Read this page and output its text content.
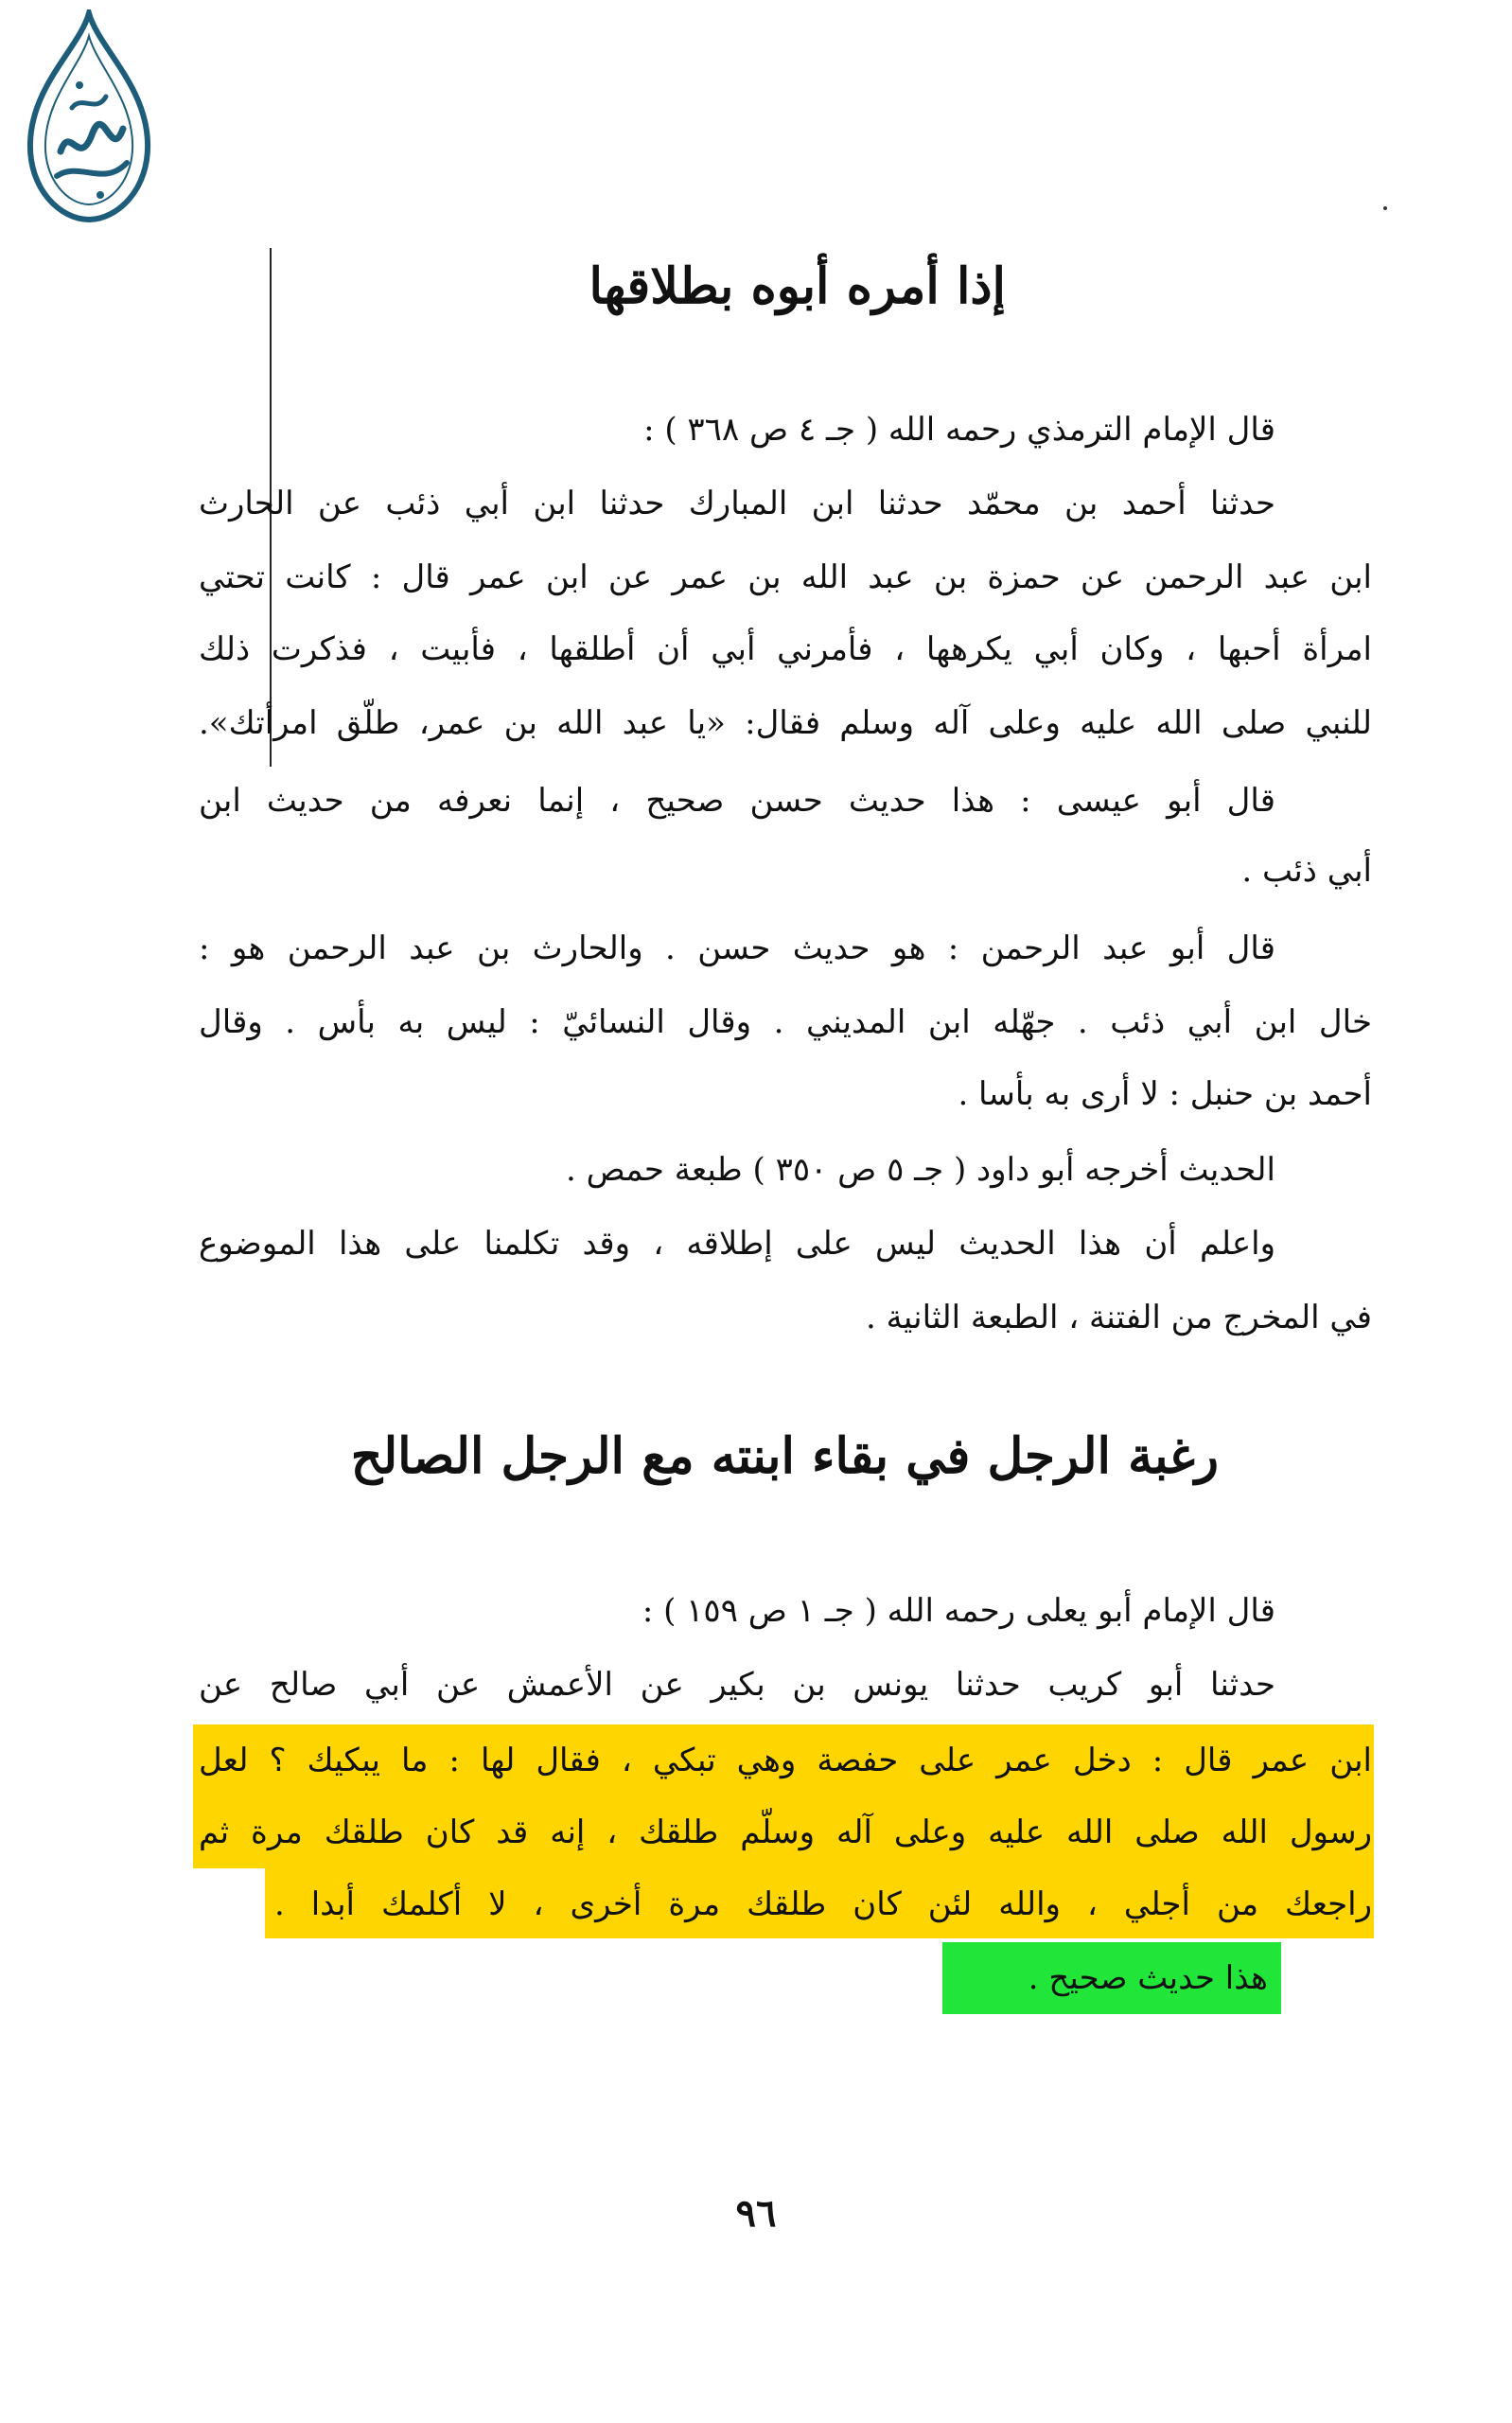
إذا أمره أبوه بطلاقها
قال الإمام الترمذي رحمه الله ( جـ ٤ ص ٣٦٨ ) :
حدثنا أحمد بن محمّد حدثنا ابن المبارك حدثنا ابن أبي ذئب عن الحارث
ابن عبد الرحمن عن حمزة بن عبد الله بن عمر عن ابن عمر قال : كانت تحتي
امرأة أحبها ، وكان أبي يكرهها ، فأمرني أبي أن أطلقها ، فأبيت ، فذكرت ذلك
للنبي صلى الله عليه وعلى آله وسلم فقال: «يا عبد الله بن عمر، طلّق امرأتك».
قال أبو عيسى : هذا حديث حسن صحيح ، إنما نعرفه من حديث ابن
أبي ذئب .
قال أبو عبد الرحمن : هو حديث حسن . والحارث بن عبد الرحمن هو :
خال ابن أبي ذئب . جهّله ابن المديني . وقال النسائيّ : ليس به بأس . وقال
أحمد بن حنبل : لا أرى به بأسا .
الحديث أخرجه أبو داود ( جـ ٥ ص ٣٥٠ ) طبعة حمص .
واعلم أن هذا الحديث ليس على إطلاقه ، وقد تكلمنا على هذا الموضوع
في المخرج من الفتنة ، الطبعة الثانية .
رغبة الرجل في بقاء ابنته مع الرجل الصالح
قال الإمام أبو يعلى رحمه الله ( جـ ١ ص ١٥٩ ) :
حدثنا أبو كريب حدثنا يونس بن بكير عن الأعمش عن أبي صالح عن
ابن عمر قال : دخل عمر على حفصة وهي تبكي ، فقال لها : ما يبكيك ؟ لعل
رسول الله صلى الله عليه وعلى آله وسلّم طلقك ، إنه قد كان طلقك مرة ثم
راجعك من أجلي ، والله لئن كان طلقك مرة أخرى ، لا أكلمك أبدا .
هذا حديث صحيح .
٩٦
